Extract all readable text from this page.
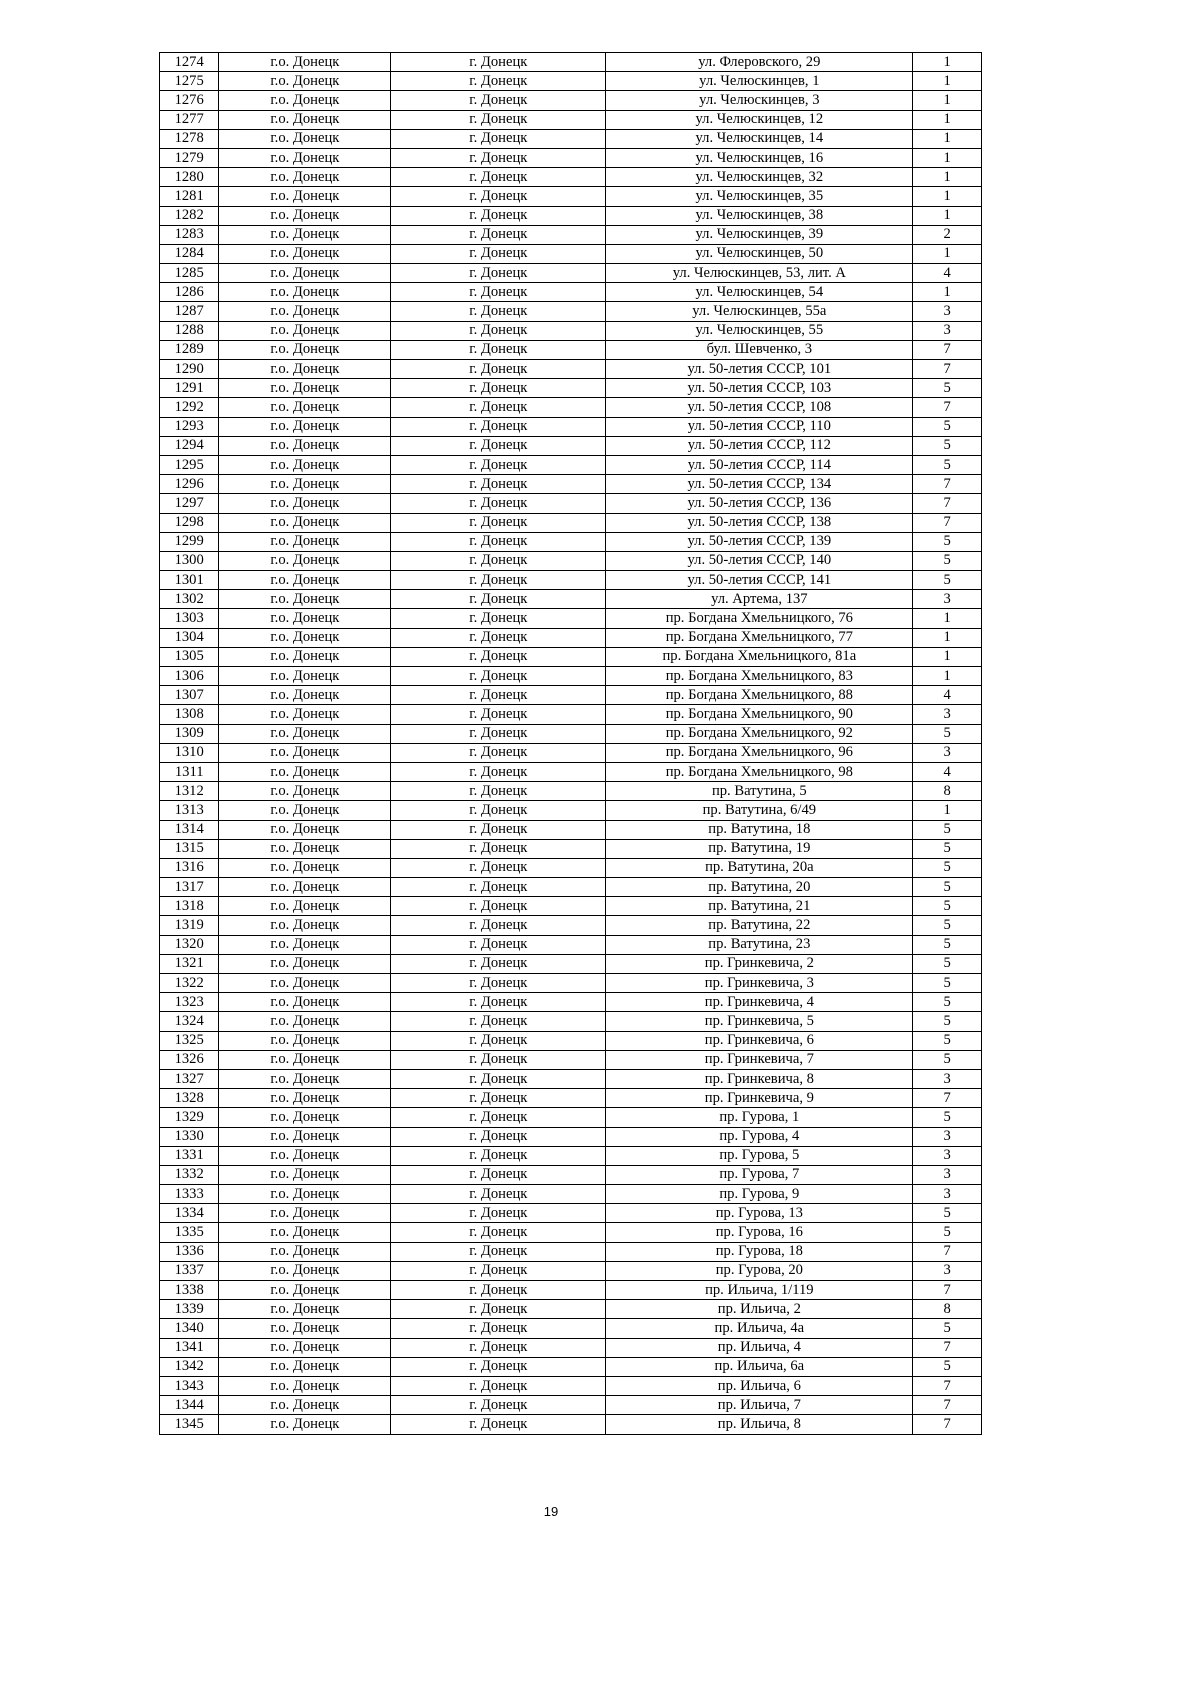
1274	г.о. Донецк	г. Донецк	ул. Флеровского, 29	1
1275	г.о. Донецк	г. Донецк	ул. Челюскинцев, 1	1
1276	г.о. Донецк	г. Донецк	ул. Челюскинцев, 3	1
1277	г.о. Донецк	г. Донецк	ул. Челюскинцев, 12	1
1278	г.о. Донецк	г. Донецк	ул. Челюскинцев, 14	1
1279	г.о. Донецк	г. Донецк	ул. Челюскинцев, 16	1
1280	г.о. Донецк	г. Донецк	ул. Челюскинцев, 32	1
1281	г.о. Донецк	г. Донецк	ул. Челюскинцев, 35	1
1282	г.о. Донецк	г. Донецк	ул. Челюскинцев, 38	1
1283	г.о. Донецк	г. Донецк	ул. Челюскинцев, 39	2
1284	г.о. Донецк	г. Донецк	ул. Челюскинцев, 50	1
1285	г.о. Донецк	г. Донецк	ул. Челюскинцев, 53, лит. А	4
1286	г.о. Донецк	г. Донецк	ул. Челюскинцев, 54	1
1287	г.о. Донецк	г. Донецк	ул. Челюскинцев, 55а	3
1288	г.о. Донецк	г. Донецк	ул. Челюскинцев, 55	3
1289	г.о. Донецк	г. Донецк	бул. Шевченко, 3	7
1290	г.о. Донецк	г. Донецк	ул. 50-летия СССР, 101	7
1291	г.о. Донецк	г. Донецк	ул. 50-летия СССР, 103	5
1292	г.о. Донецк	г. Донецк	ул. 50-летия СССР, 108	7
1293	г.о. Донецк	г. Донецк	ул. 50-летия СССР, 110	5
1294	г.о. Донецк	г. Донецк	ул. 50-летия СССР, 112	5
1295	г.о. Донецк	г. Донецк	ул. 50-летия СССР, 114	5
1296	г.о. Донецк	г. Донецк	ул. 50-летия СССР, 134	7
1297	г.о. Донецк	г. Донецк	ул. 50-летия СССР, 136	7
1298	г.о. Донецк	г. Донецк	ул. 50-летия СССР, 138	7
1299	г.о. Донецк	г. Донецк	ул. 50-летия СССР, 139	5
1300	г.о. Донецк	г. Донецк	ул. 50-летия СССР, 140	5
1301	г.о. Донецк	г. Донецк	ул. 50-летия СССР, 141	5
1302	г.о. Донецк	г. Донецк	ул. Артема, 137	3
1303	г.о. Донецк	г. Донецк	пр. Богдана Хмельницкого, 76	1
1304	г.о. Донецк	г. Донецк	пр. Богдана Хмельницкого, 77	1
1305	г.о. Донецк	г. Донецк	пр. Богдана Хмельницкого, 81а	1
1306	г.о. Донецк	г. Донецк	пр. Богдана Хмельницкого, 83	1
1307	г.о. Донецк	г. Донецк	пр. Богдана Хмельницкого, 88	4
1308	г.о. Донецк	г. Донецк	пр. Богдана Хмельницкого, 90	3
1309	г.о. Донецк	г. Донецк	пр. Богдана Хмельницкого, 92	5
1310	г.о. Донецк	г. Донецк	пр. Богдана Хмельницкого, 96	3
1311	г.о. Донецк	г. Донецк	пр. Богдана Хмельницкого, 98	4
1312	г.о. Донецк	г. Донецк	пр. Ватутина, 5	8
1313	г.о. Донецк	г. Донецк	пр. Ватутина, 6/49	1
1314	г.о. Донецк	г. Донецк	пр. Ватутина, 18	5
1315	г.о. Донецк	г. Донецк	пр. Ватутина, 19	5
1316	г.о. Донецк	г. Донецк	пр. Ватутина, 20а	5
1317	г.о. Донецк	г. Донецк	пр. Ватутина, 20	5
1318	г.о. Донецк	г. Донецк	пр. Ватутина, 21	5
1319	г.о. Донецк	г. Донецк	пр. Ватутина, 22	5
1320	г.о. Донецк	г. Донецк	пр. Ватутина, 23	5
1321	г.о. Донецк	г. Донецк	пр. Гринкевича, 2	5
1322	г.о. Донецк	г. Донецк	пр. Гринкевича, 3	5
1323	г.о. Донецк	г. Донецк	пр. Гринкевича, 4	5
1324	г.о. Донецк	г. Донецк	пр. Гринкевича, 5	5
1325	г.о. Донецк	г. Донецк	пр. Гринкевича, 6	5
1326	г.о. Донецк	г. Донецк	пр. Гринкевича, 7	5
1327	г.о. Донецк	г. Донецк	пр. Гринкевича, 8	3
1328	г.о. Донецк	г. Донецк	пр. Гринкевича, 9	7
1329	г.о. Донецк	г. Донецк	пр. Гурова, 1	5
1330	г.о. Донецк	г. Донецк	пр. Гурова, 4	3
1331	г.о. Донецк	г. Донецк	пр. Гурова, 5	3
1332	г.о. Донецк	г. Донецк	пр. Гурова, 7	3
1333	г.о. Донецк	г. Донецк	пр. Гурова, 9	3
1334	г.о. Донецк	г. Донецк	пр. Гурова, 13	5
1335	г.о. Донецк	г. Донецк	пр. Гурова, 16	5
1336	г.о. Донецк	г. Донецк	пр. Гурова, 18	7
1337	г.о. Донецк	г. Донецк	пр. Гурова, 20	3
1338	г.о. Донецк	г. Донецк	пр. Ильича, 1/119	7
1339	г.о. Донецк	г. Донецк	пр. Ильича, 2	8
1340	г.о. Донецк	г. Донецк	пр. Ильича, 4а	5
1341	г.о. Донецк	г. Донецк	пр. Ильича, 4	7
1342	г.о. Донецк	г. Донецк	пр. Ильича, 6а	5
1343	г.о. Донецк	г. Донецк	пр. Ильича, 6	7
1344	г.о. Донецк	г. Донецк	пр. Ильича, 7	7
1345	г.о. Донецк	г. Донецк	пр. Ильича, 8	7
19
